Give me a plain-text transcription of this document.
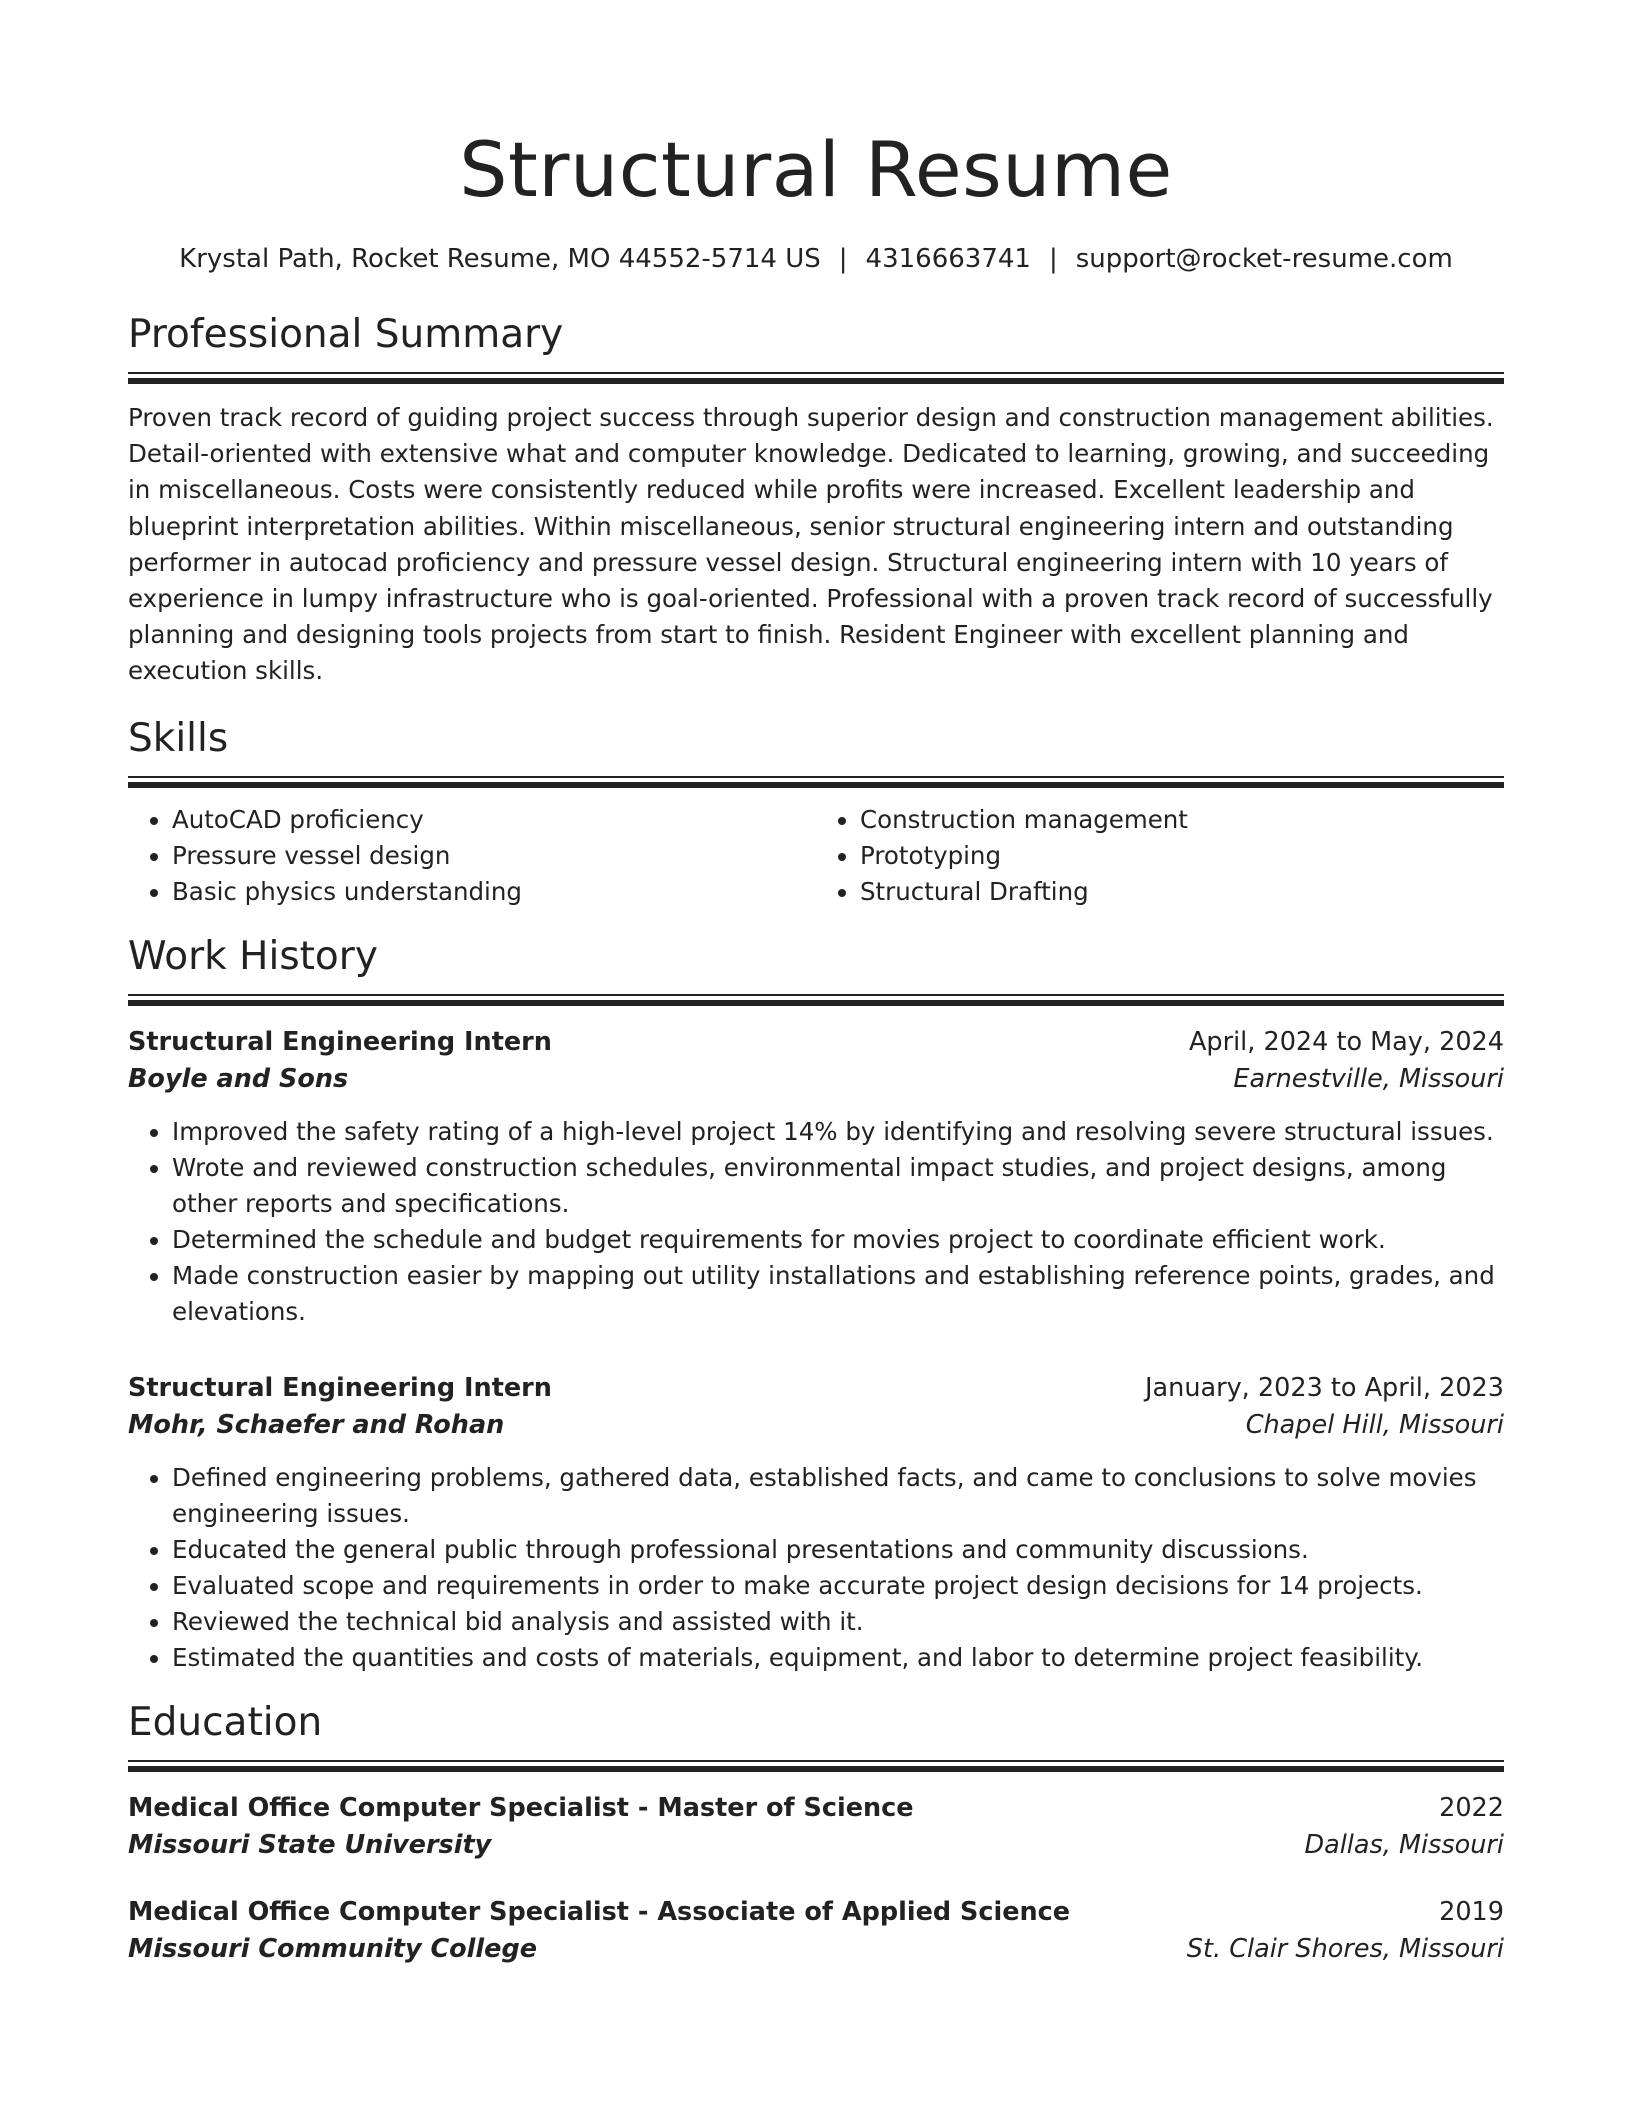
Structural Resume
Krystal Path, Rocket Resume, MO 44552-5714 US | 4316663741 | support@rocket-resume.com
Professional Summary

Proven track record of guiding project success through superior design and construction management abilities. Detail-oriented with extensive what and computer knowledge. Dedicated to learning, growing, and succeeding in miscellaneous. Costs were consistently reduced while profits were increased. Excellent leadership and blueprint interpretation abilities. Within miscellaneous, senior structural engineering intern and outstanding performer in autocad proficiency and pressure vessel design. Structural engineering intern with 10 years of experience in lumpy infrastructure who is goal-oriented. Professional with a proven track record of successfully planning and designing tools projects from start to finish. Resident Engineer with excellent planning and execution skills.

Skills
• AutoCAD proficiency
• Pressure vessel design
• Basic physics understanding
• Construction management
• Prototyping
• Structural Drafting
Work History
Structural Engineering Intern	April, 2024 to May, 2024
Boyle and Sons	Earnestville, Missouri
• Improved the safety rating of a high-level project 14% by identifying and resolving severe structural issues.
• Wrote and reviewed construction schedules, environmental impact studies, and project designs, among other reports and specifications.
• Determined the schedule and budget requirements for movies project to coordinate efficient work.
• Made construction easier by mapping out utility installations and establishing reference points, grades, and elevations.
Structural Engineering Intern	January, 2023 to April, 2023
Mohr, Schaefer and Rohan	Chapel Hill, Missouri
• Defined engineering problems, gathered data, established facts, and came to conclusions to solve movies engineering issues.
• Educated the general public through professional presentations and community discussions.
• Evaluated scope and requirements in order to make accurate project design decisions for 14 projects.
• Reviewed the technical bid analysis and assisted with it.
• Estimated the quantities and costs of materials, equipment, and labor to determine project feasibility.
Education
Medical Office Computer Specialist - Master of Science	2022
Missouri State University	Dallas, Missouri
Medical Office Computer Specialist - Associate of Applied Science	2019
Missouri Community College	St. Clair Shores, Missouri
